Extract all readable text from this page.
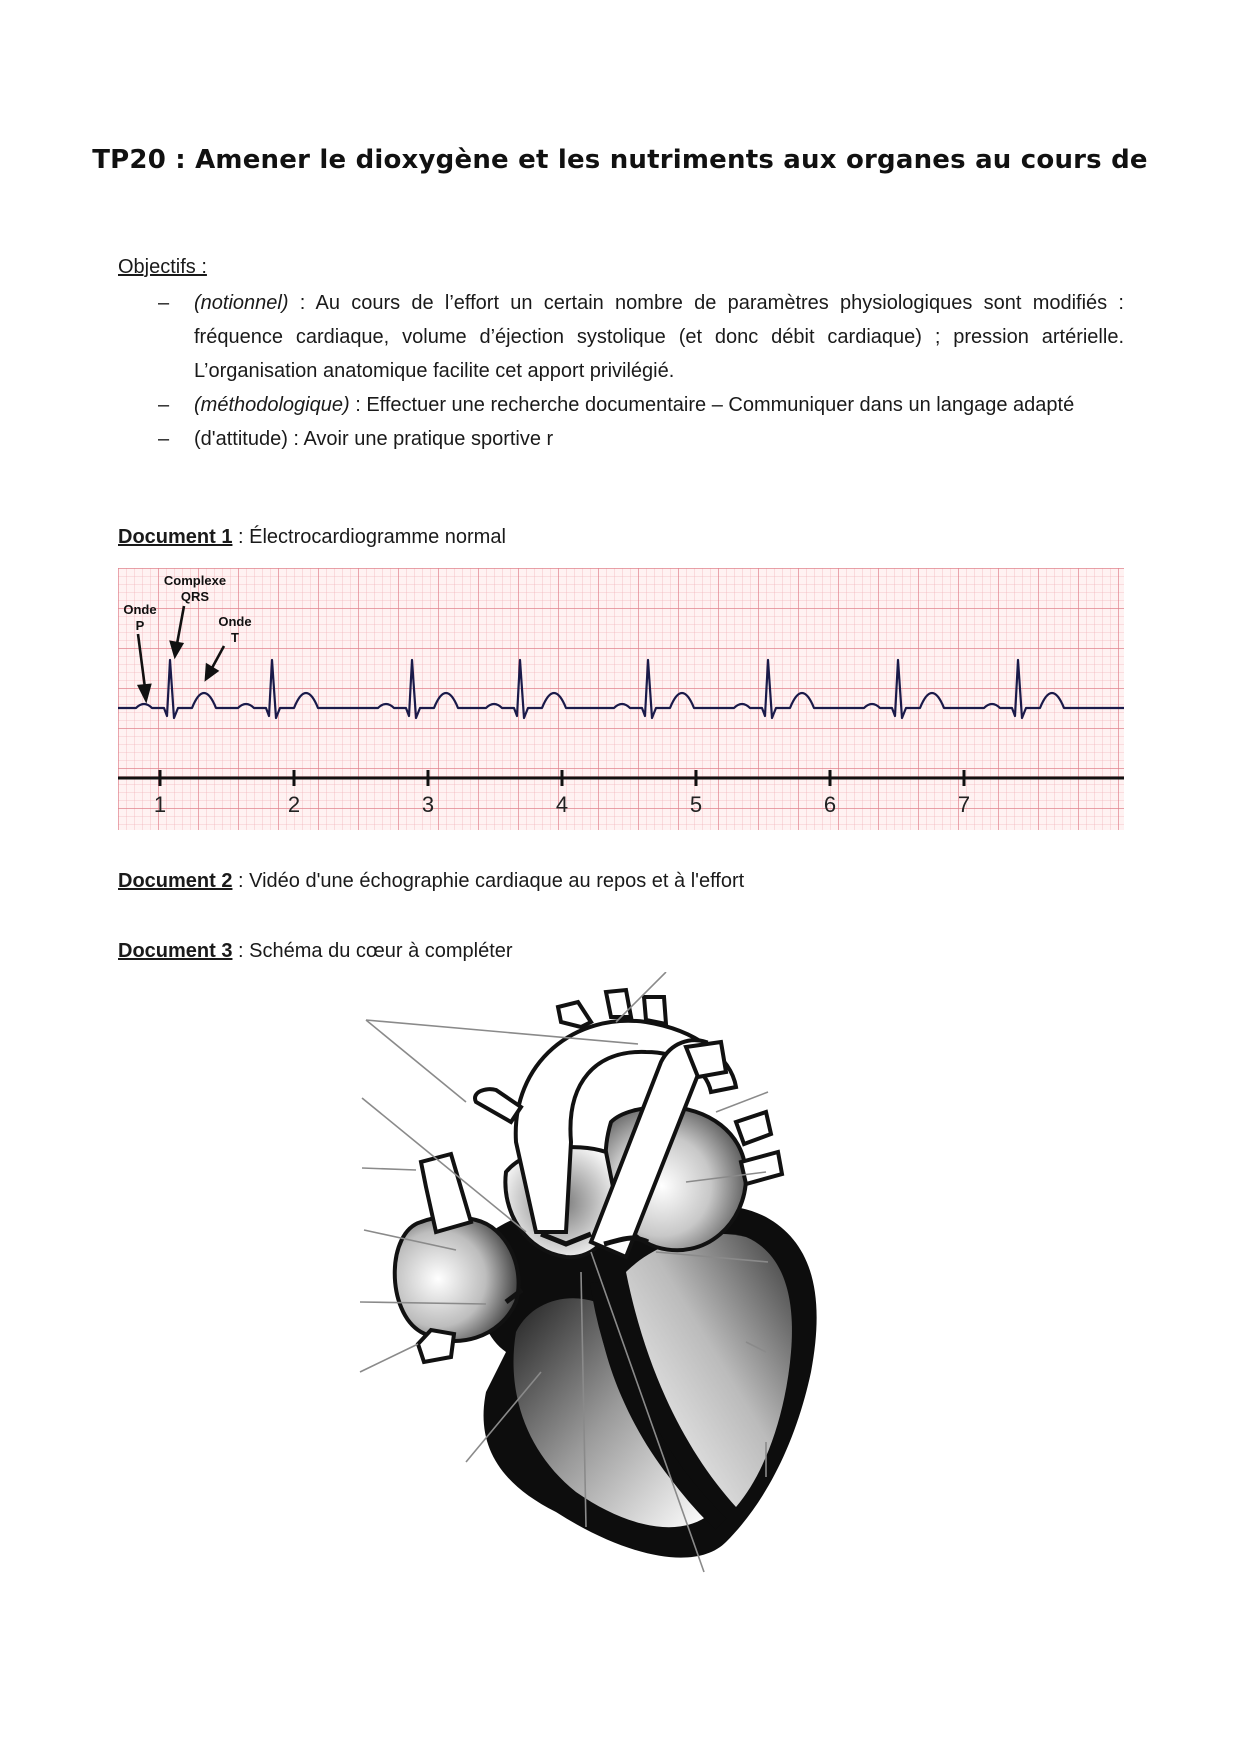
TP20 : Amener le dioxygène et les nutriments aux organes au cours de
Objectifs :
– (notionnel) : Au cours de l’effort un certain nombre de paramètres physiologiques sont modifiés : fréquence cardiaque, volume d’éjection systolique (et donc débit cardiaque) ; pression artérielle. L’organisation anatomique facilite cet apport privilégié.
– (méthodologique) : Effectuer une recherche documentaire – Communiquer dans un langage adapté
– (d'attitude) : Avoir une pratique sportive r
Document 1 : Électrocardiogramme normal
1	2	3	4	5	6	7
Onde
P
Complexe
QRS
Onde
T
Document 2 : Vidéo d'une échographie cardiaque au repos et à l'effort
Document 3 : Schéma du cœur à compléter
